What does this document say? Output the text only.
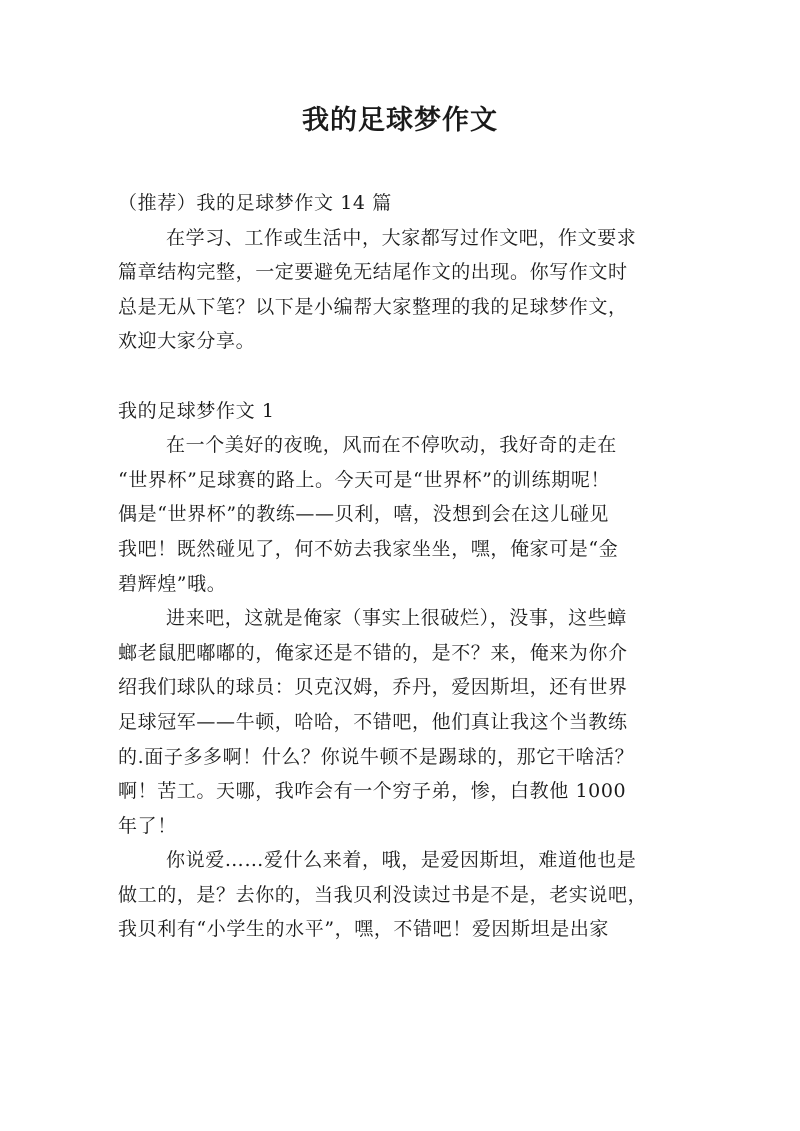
我的足球梦作文

（推荐）我的足球梦作文 14 篇

在学习、工作或生活中，大家都写过作文吧，作文要求
篇章结构完整，一定要避免无结尾作文的出现。你写作文时
总是无从下笔？以下是小编帮大家整理的我的足球梦作文，
欢迎大家分享。

我的足球梦作文 1

在一个美好的夜晚，风而在不停吹动，我好奇的走在
“世界杯”足球赛的路上。今天可是“世界杯”的训练期呢！
偶是“世界杯”的教练——贝利，嘻，没想到会在这儿碰见
我吧！既然碰见了，何不妨去我家坐坐，嘿，俺家可是“金
碧辉煌”哦。
进来吧，这就是俺家（事实上很破烂），没事，这些蟑
螂老鼠肥嘟嘟的，俺家还是不错的，是不？来，俺来为你介
绍我们球队的球员：贝克汉姆，乔丹，爱因斯坦，还有世界
足球冠军——牛顿，哈哈，不错吧，他们真让我这个当教练
的.面子多多啊！什么？你说牛顿不是踢球的，那它干啥活？
啊！苦工。天哪，我咋会有一个穷子弟，惨，白教他 1000
年了！
你说爱……爱什么来着，哦，是爱因斯坦，难道他也是
做工的，是？去你的，当我贝利没读过书是不是，老实说吧，
我贝利有“小学生的水平”，嘿，不错吧！爱因斯坦是出家
